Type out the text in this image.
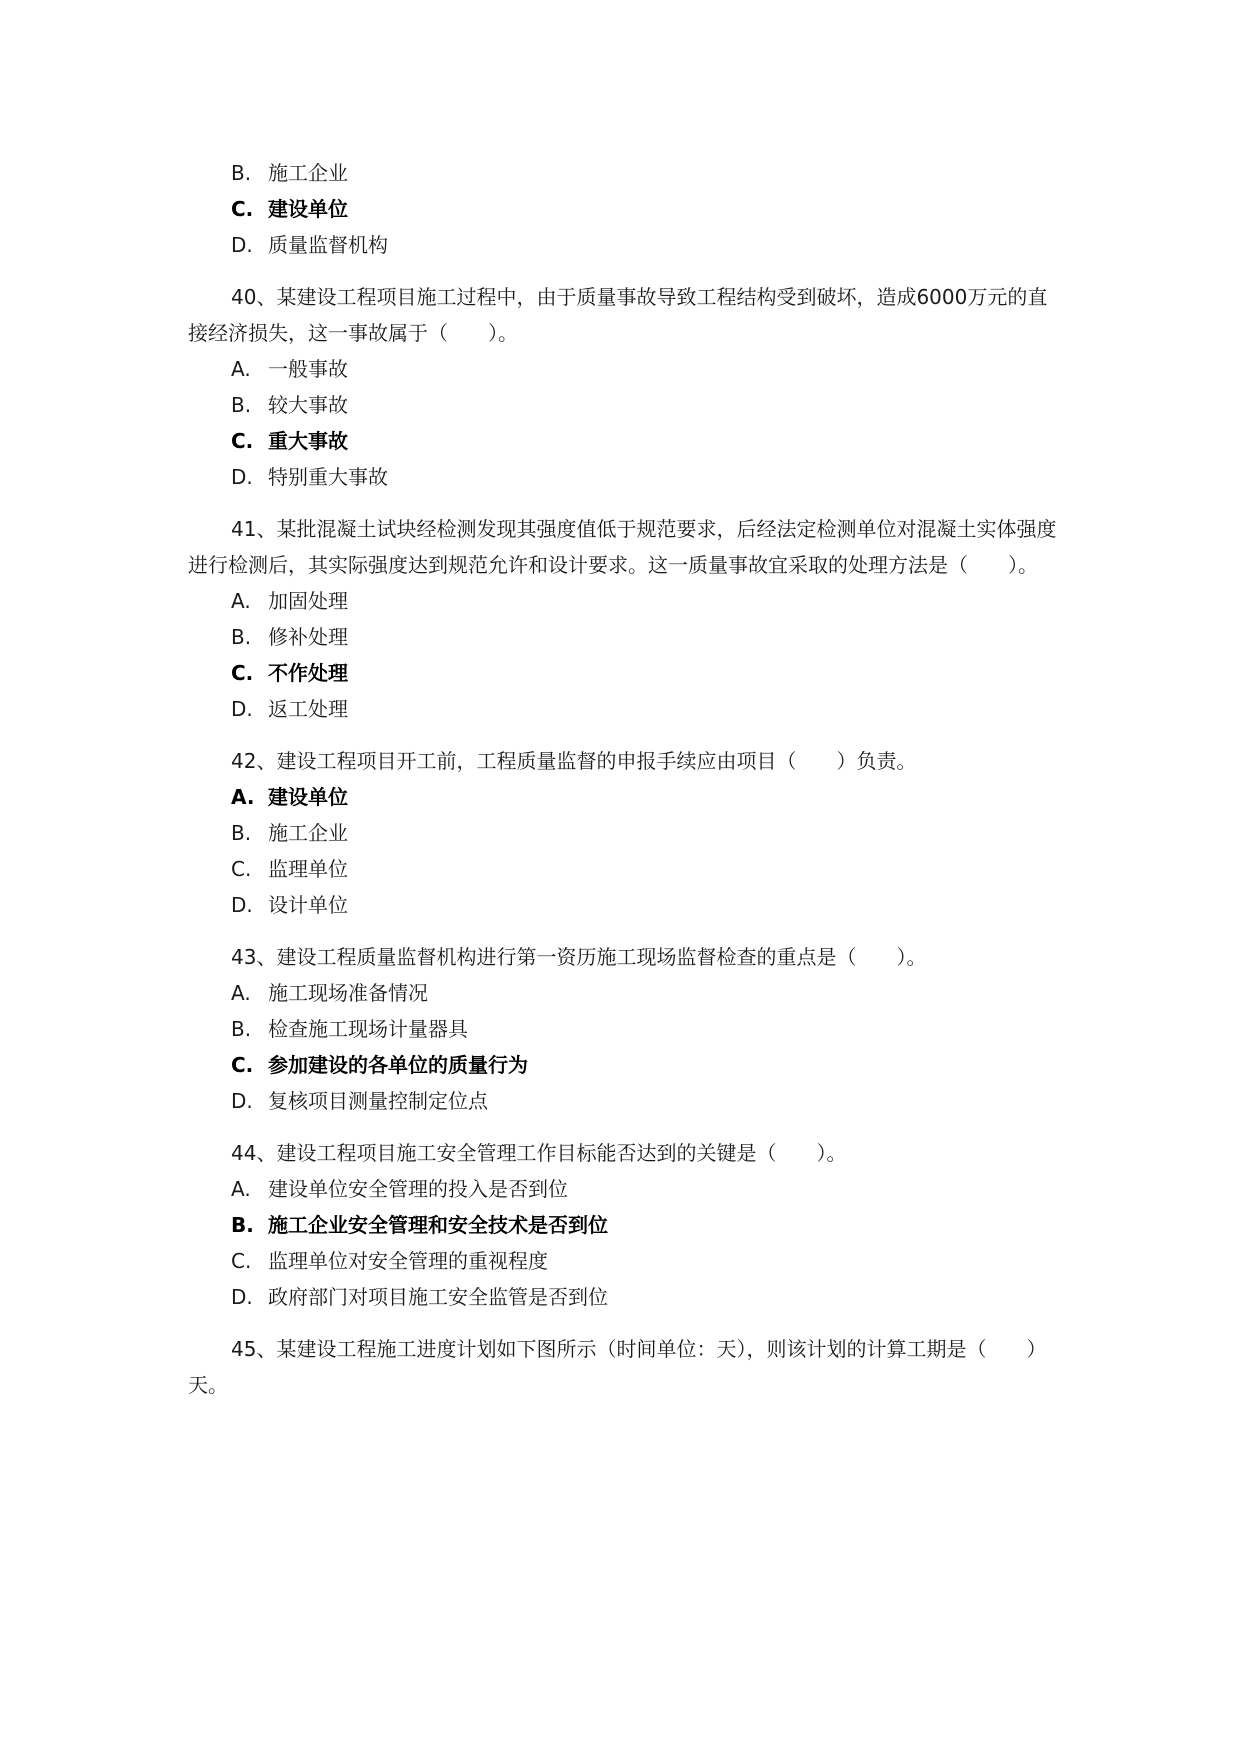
B. 施工企业
C. 建设单位
D. 质量监督机构

40、某建设工程项目施工过程中，由于质量事故导致工程结构受到破坏，造成6000万元的直接经济损失，这一事故属于（　　）。

A. 一般事故
B. 较大事故
C. 重大事故
D. 特别重大事故

41、某批混凝土试块经检测发现其强度值低于规范要求，后经法定检测单位对混凝土实体强度进行检测后，其实际强度达到规范允许和设计要求。这一质量事故宜采取的处理方法是（　　）。

A. 加固处理
B. 修补处理
C. 不作处理
D. 返工处理

42、建设工程项目开工前，工程质量监督的申报手续应由项目（　　）负责。

A. 建设单位
B. 施工企业
C. 监理单位
D. 设计单位

43、建设工程质量监督机构进行第一资历施工现场监督检查的重点是（　　）。

A. 施工现场准备情况
B. 检查施工现场计量器具
C. 参加建设的各单位的质量行为
D. 复核项目测量控制定位点

44、建设工程项目施工安全管理工作目标能否达到的关键是（　　）。

A. 建设单位安全管理的投入是否到位
B. 施工企业安全管理和安全技术是否到位
C. 监理单位对安全管理的重视程度
D. 政府部门对项目施工安全监管是否到位

45、某建设工程施工进度计划如下图所示（时间单位：天），则该计划的计算工期是（　　）天。
